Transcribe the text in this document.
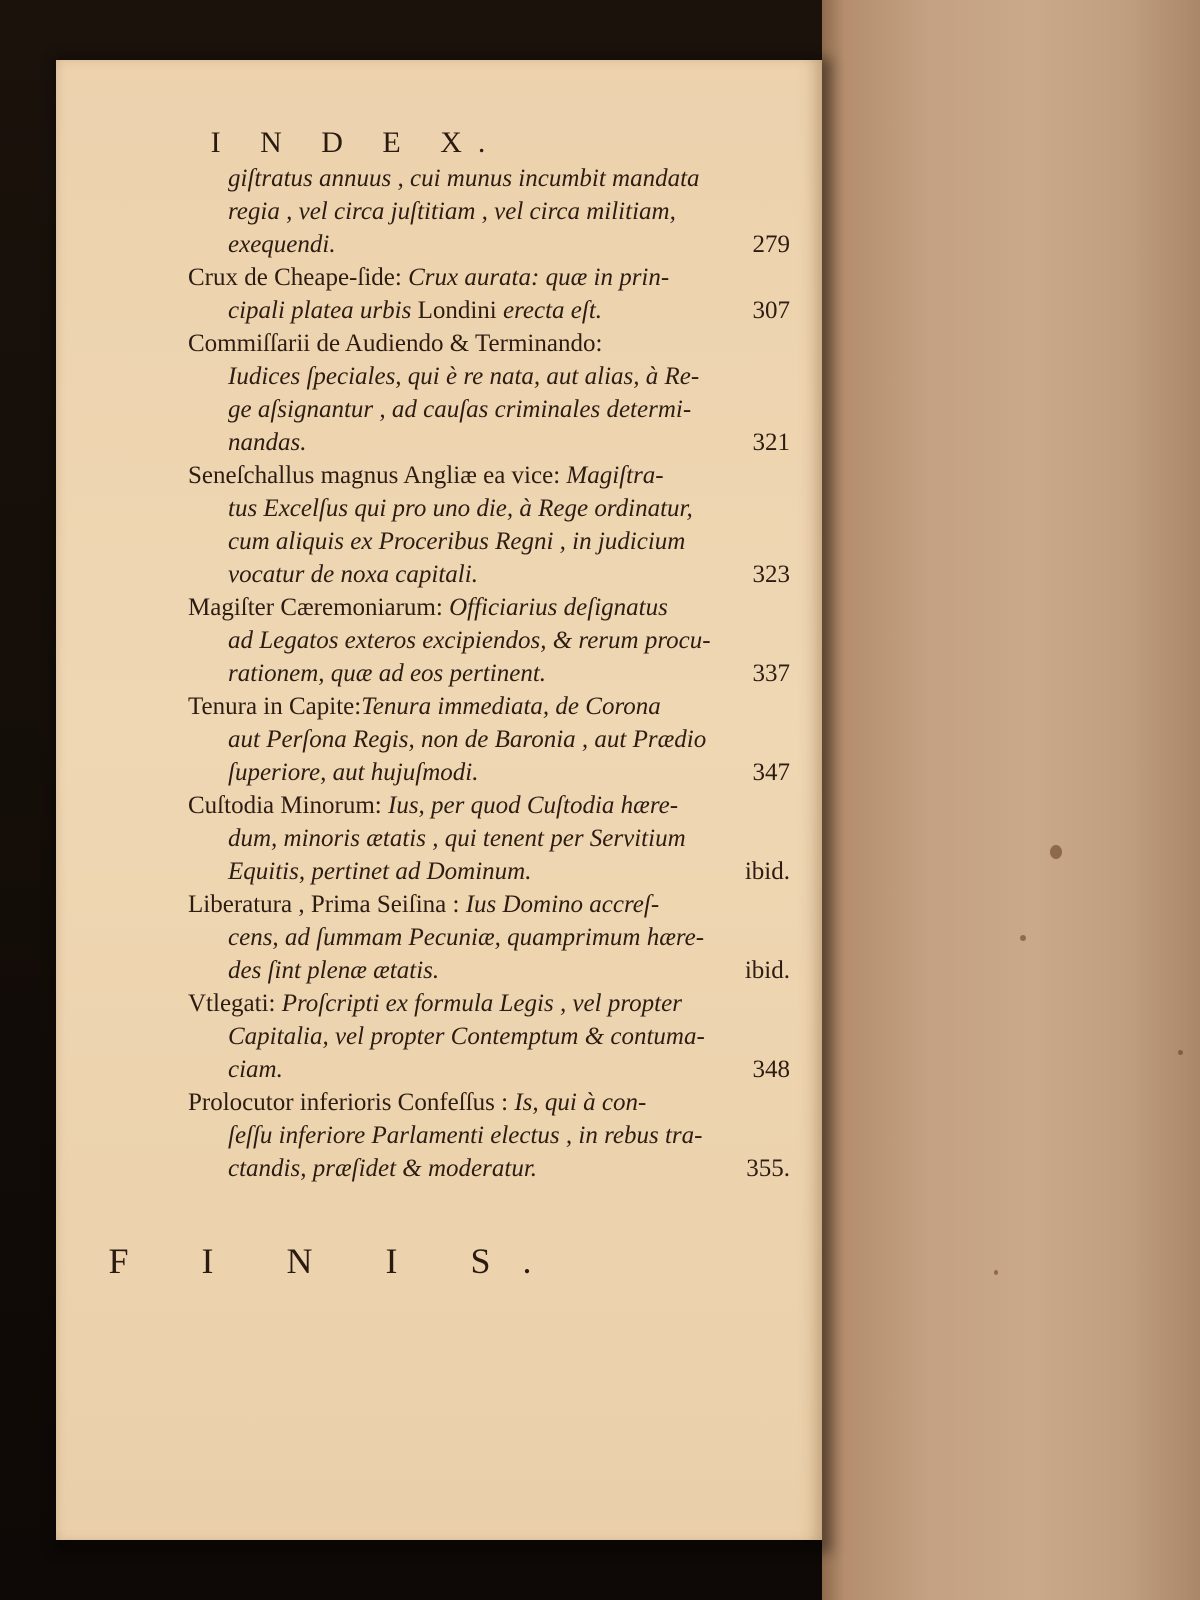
I N D E X.
giſtratus annuus , cui munus incumbit mandata
regia , vel circa juſtitiam , vel circa militiam,
exequendi.	279
Crux de Cheape-ſide: Crux aurata: quæ in prin-
cipali platea urbis Londini erecta eſt.	307
Commiſſarii de Audiendo & Terminando:
Iudices ſpeciales, qui è re nata, aut alias, à Re-
ge aſsignantur , ad cauſas criminales determi-
nandas.	321
Seneſchallus magnus Angliæ ea vice: Magiſtra-
tus Excelſus qui pro uno die, à Rege ordinatur,
cum aliquis ex Proceribus Regni , in judicium
vocatur de noxa capitali.	323
Magiſter Cæremoniarum: Officiarius deſignatus
ad Legatos exteros excipiendos, & rerum procu-
rationem, quæ ad eos pertinent.	337
Tenura in Capite:Tenura immediata, de Corona
aut Perſona Regis, non de Baronia , aut Prædio
ſuperiore, aut hujuſmodi.	347
Cuſtodia Minorum: Ius, per quod Cuſtodia hære-
dum, minoris ætatis , qui tenent per Servitium
Equitis, pertinet ad Dominum.	ibid.
Liberatura , Prima Seiſina : Ius Domino accreſ-
cens, ad ſummam Pecuniæ, quamprimum hære-
des ſint plenæ ætatis.	ibid.
Vtlegati: Proſcripti ex formula Legis , vel propter
Capitalia, vel propter Contemptum & contuma-
ciam.	348
Prolocutor inferioris Confeſſus : Is, qui à con-
ſeſſu inferiore Parlamenti electus , in rebus tra-
ctandis, præſidet & moderatur.	355.
F I N I S.
